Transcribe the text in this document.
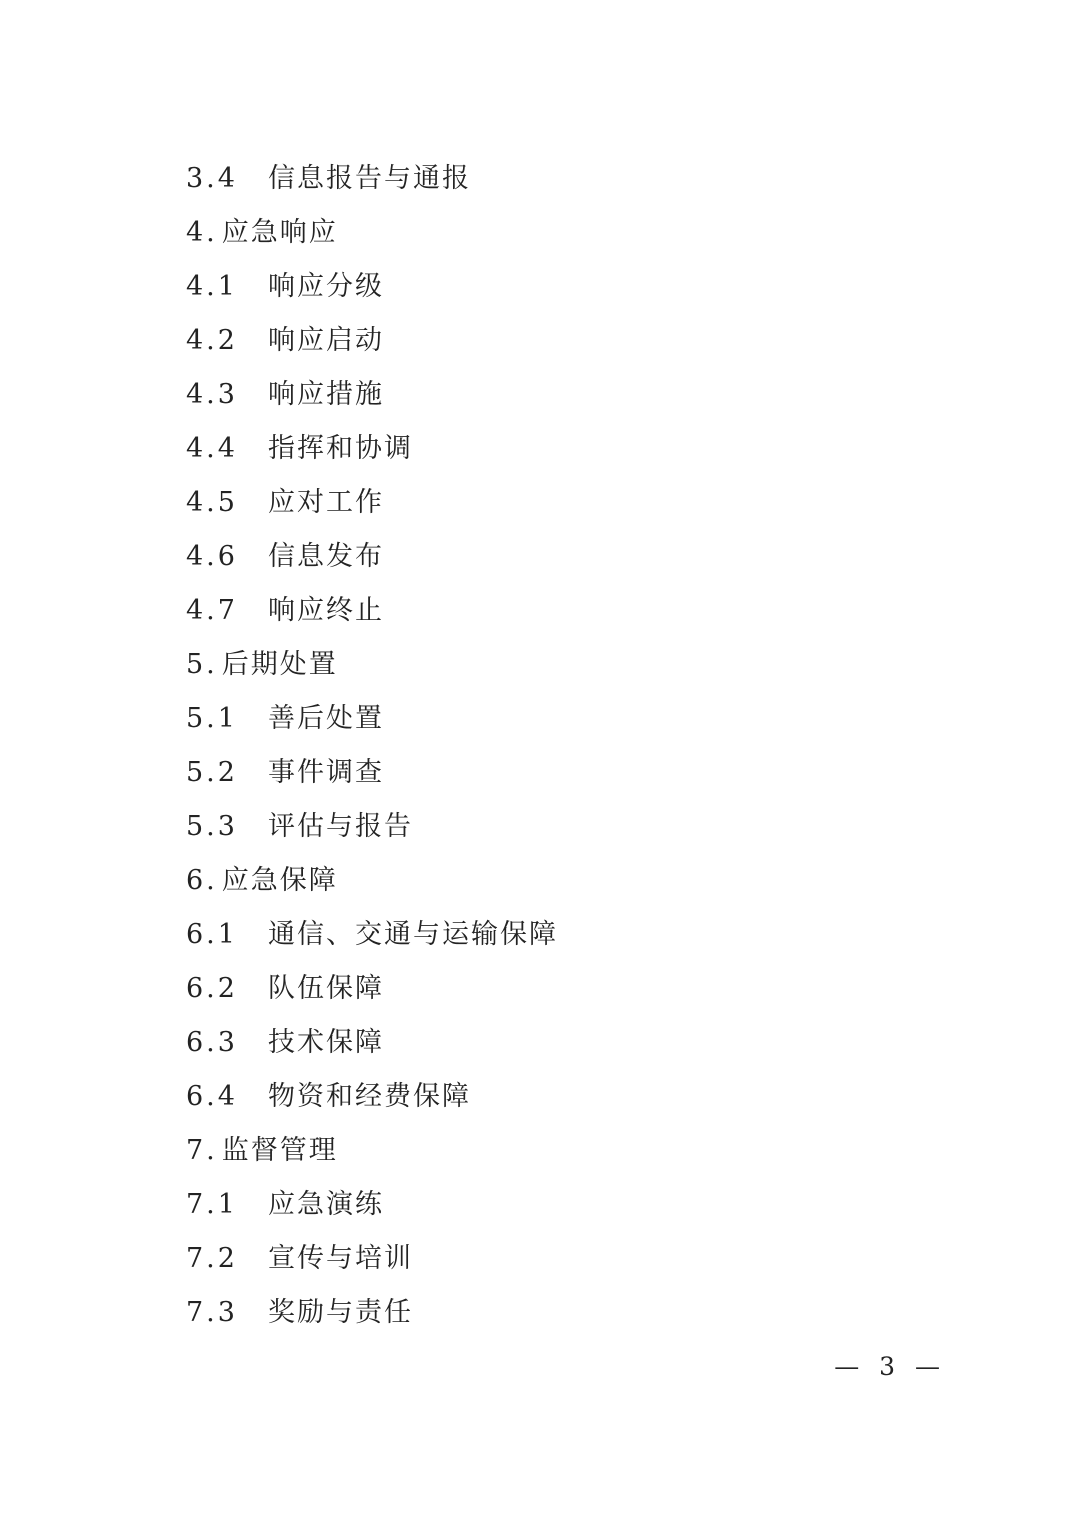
3.4 信息报告与通报
4. 应急响应
4.1 响应分级
4.2 响应启动
4.3 响应措施
4.4 指挥和协调
4.5 应对工作
4.6 信息发布
4.7 响应终止
5. 后期处置
5.1 善后处置
5.2 事件调查
5.3 评估与报告
6. 应急保障
6.1 通信、交通与运输保障
6.2 队伍保障
6.3 技术保障
6.4 物资和经费保障
7. 监督管理
7.1 应急演练
7.2 宣传与培训
7.3 奖励与责任
— 3 —
